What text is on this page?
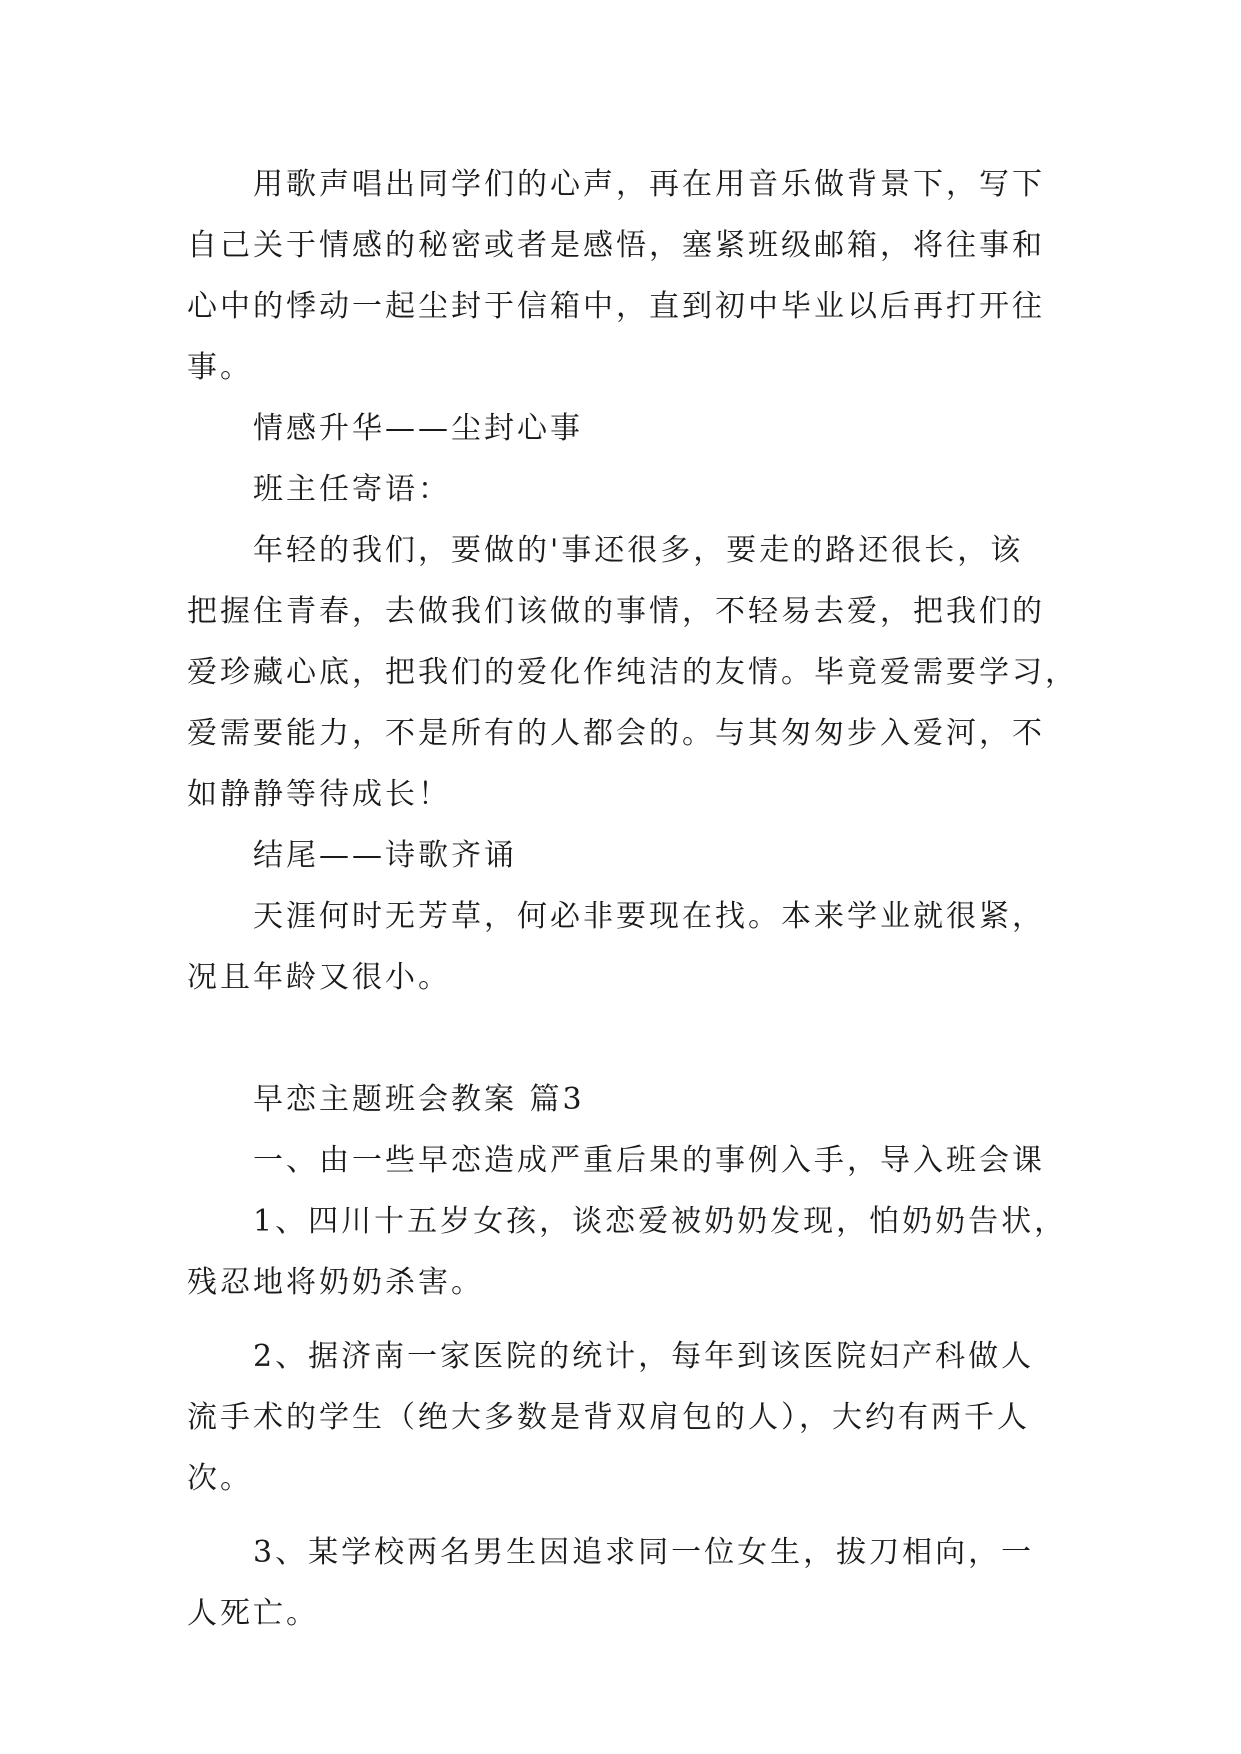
用歌声唱出同学们的心声，再在用音乐做背景下，写下
自己关于情感的秘密或者是感悟，塞紧班级邮箱，将往事和
心中的悸动一起尘封于信箱中，直到初中毕业以后再打开往
事。
情感升华——尘封心事
班主任寄语：
年轻的我们，要做的'事还很多，要走的路还很长，该
把握住青春，去做我们该做的事情，不轻易去爱，把我们的
爱珍藏心底，把我们的爱化作纯洁的友情。毕竟爱需要学习，
爱需要能力，不是所有的人都会的。与其匆匆步入爱河，不
如静静等待成长！
结尾——诗歌齐诵
天涯何时无芳草，何必非要现在找。本来学业就很紧，
况且年龄又很小。
早恋主题班会教案 篇3
一、由一些早恋造成严重后果的事例入手，导入班会课
1、四川十五岁女孩，谈恋爱被奶奶发现，怕奶奶告状，
残忍地将奶奶杀害。
2、据济南一家医院的统计，每年到该医院妇产科做人
流手术的学生（绝大多数是背双肩包的人），大约有两千人
次。
3、某学校两名男生因追求同一位女生，拔刀相向，一
人死亡。
